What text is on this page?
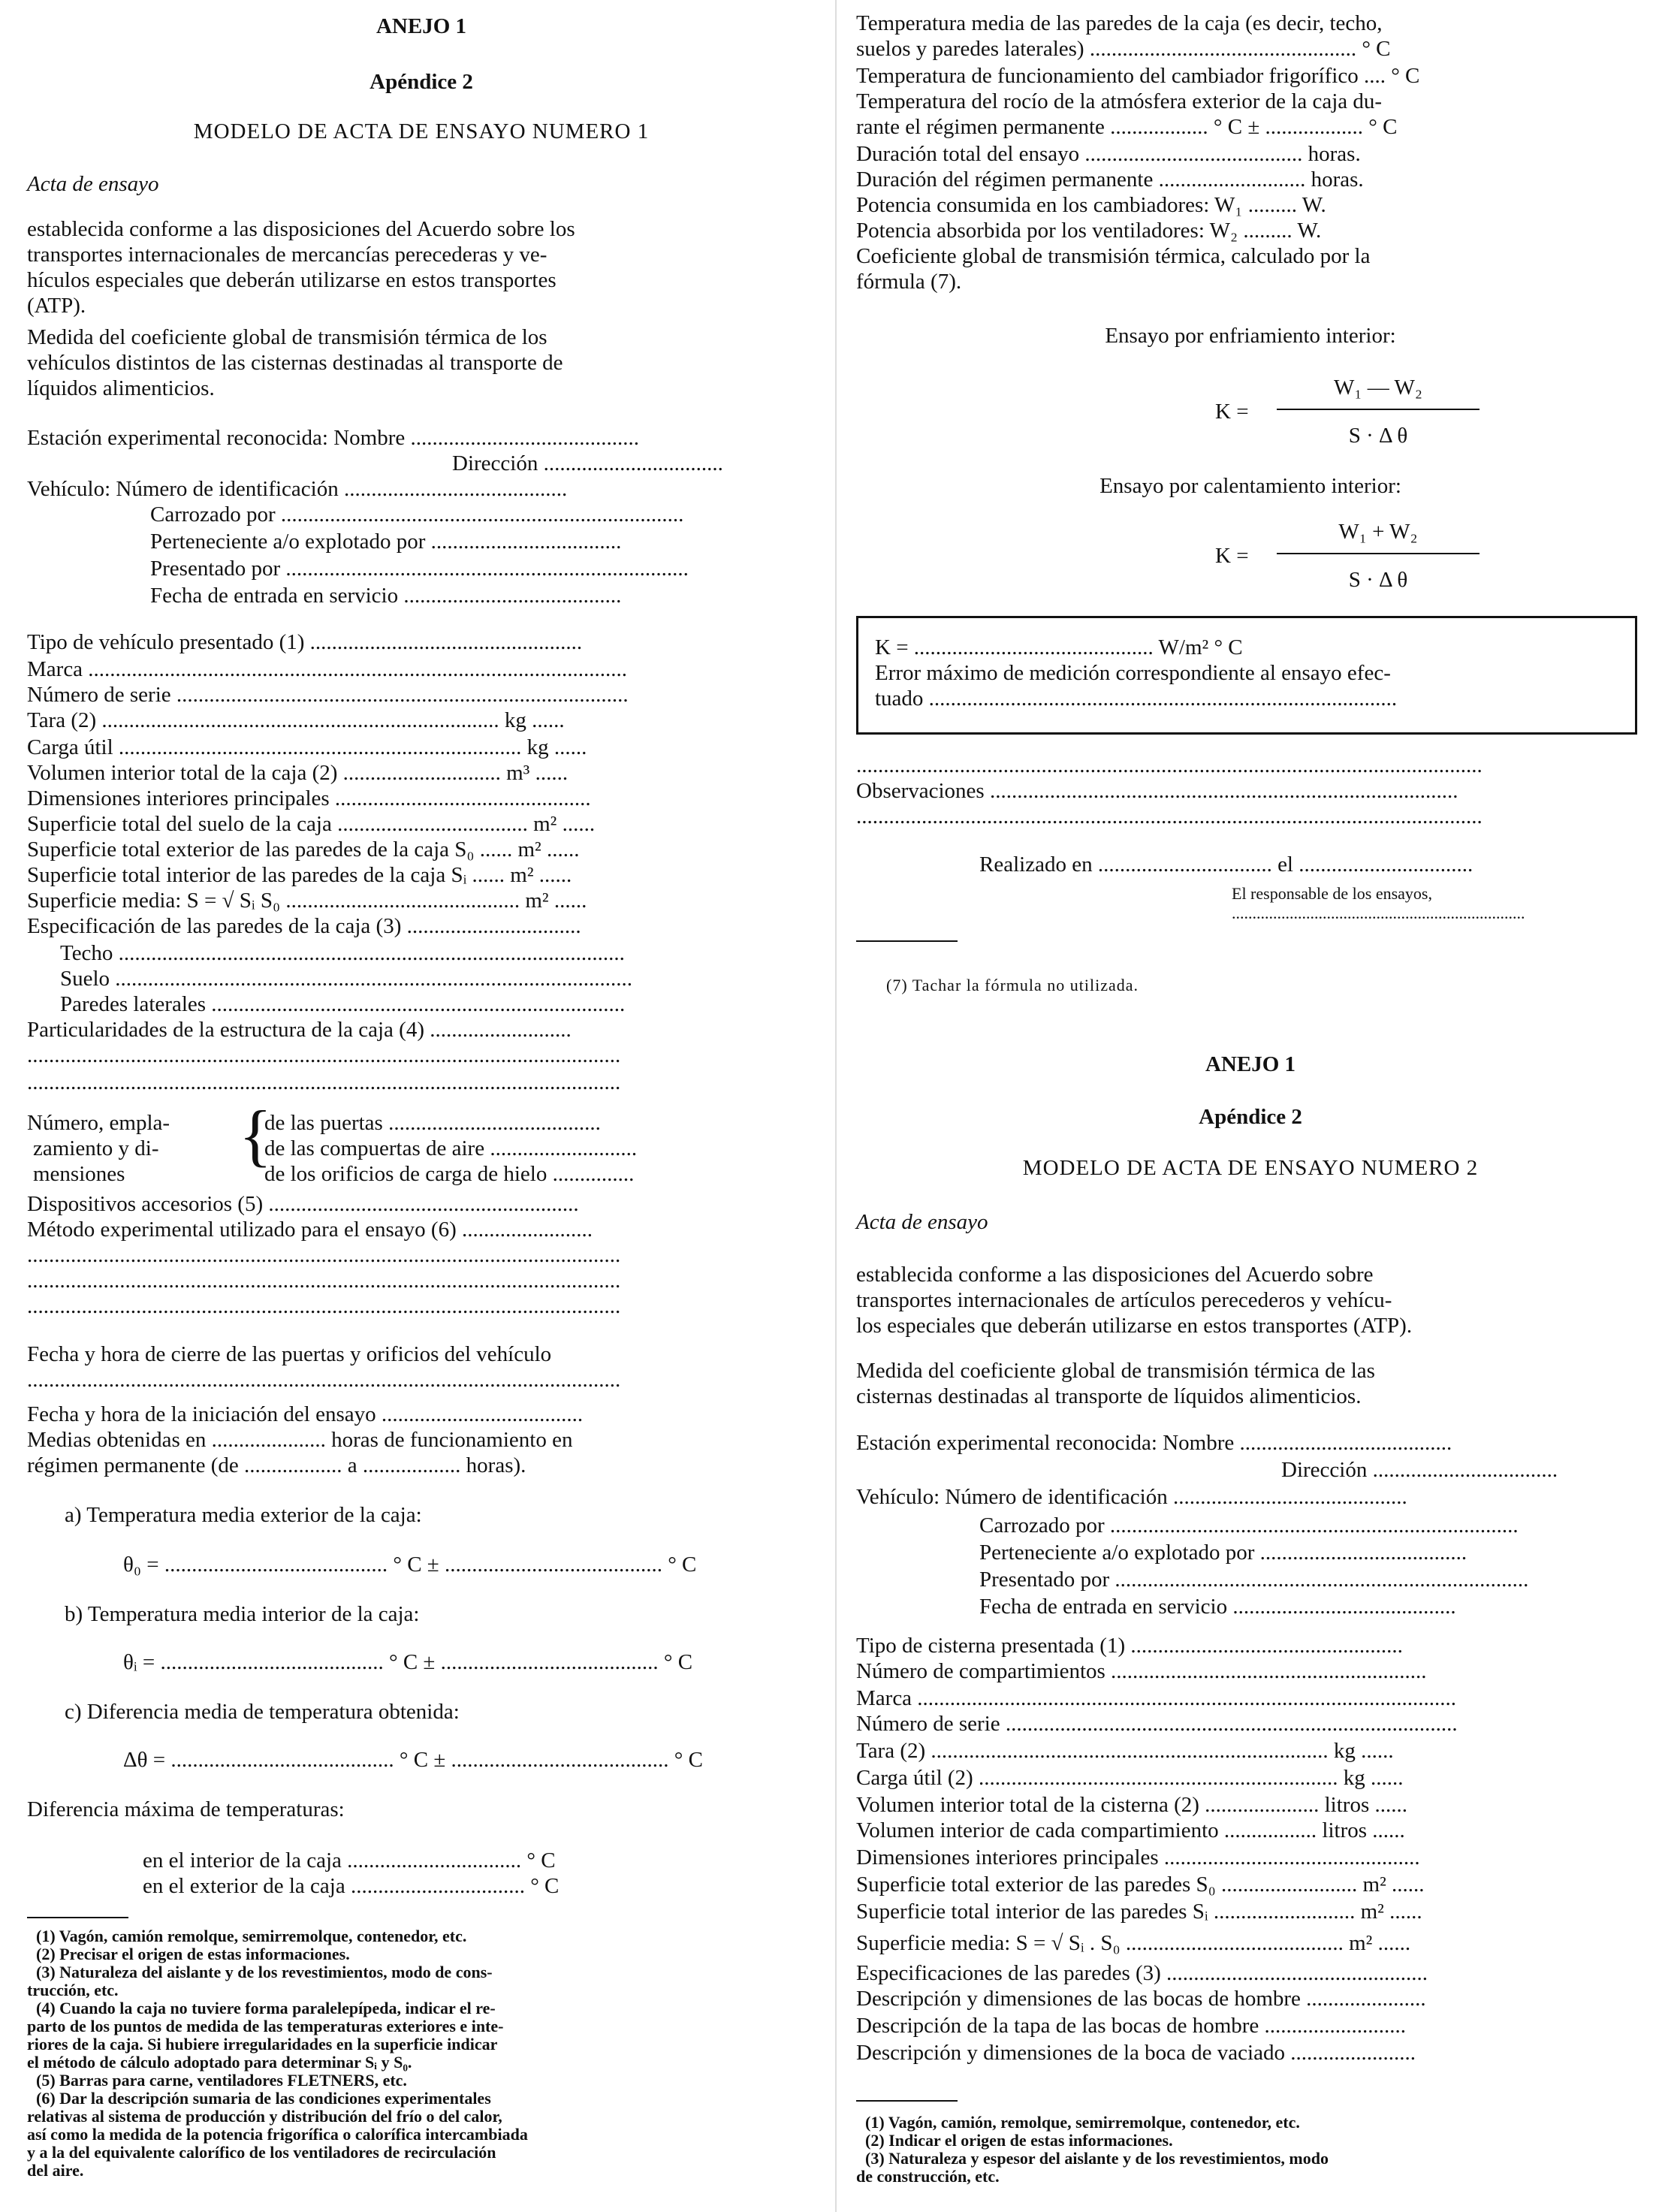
ANEJO 1
Apéndice 2
MODELO DE ACTA DE ENSAYO NUMERO 1
Acta de ensayo
establecida conforme a las disposiciones del Acuerdo sobre los
transportes internacionales de mercancías perecederas y ve-
hículos especiales que deberán utilizarse en estos transportes
(ATP).
Medida del coeficiente global de transmisión térmica de los
vehículos distintos de las cisternas destinadas al transporte de
líquidos alimenticios.
Estación experimental reconocida: Nombre ..........................................
Dirección .................................
Vehículo: Número de identificación .........................................
Carrozado por ..........................................................................
Perteneciente a/o explotado por ...................................
Presentado por ..........................................................................
Fecha de entrada en servicio ........................................
Tipo de vehículo presentado (1) ..................................................
Marca ...................................................................................................
Número de serie ...................................................................................
Tara (2) ......................................................................... kg ......
Carga útil .......................................................................... kg ......
Volumen interior total de la caja (2) ............................. m³ ......
Dimensiones interiores principales ...............................................
Superficie total del suelo de la caja ................................... m² ......
Superficie total exterior de las paredes de la caja S₀ ...... m² ......
Superficie total interior de las paredes de la caja Sᵢ ...... m² ......
Superficie media: S = √ Sᵢ S₀ ........................................... m² ......
Especificación de las paredes de la caja (3) ................................
Techo .............................................................................................
Suelo ...............................................................................................
Paredes laterales ............................................................................
Particularidades de la estructura de la caja (4) ..........................
.............................................................................................................
.............................................................................................................
Número, empla-
zamiento y di-
mensiones
{
de las puertas .......................................
de las compuertas de aire ...........................
de los orificios de carga de hielo ...............
Dispositivos accesorios (5) .........................................................
Método experimental utilizado para el ensayo (6) ........................
.............................................................................................................
.............................................................................................................
.............................................................................................................
Fecha y hora de cierre de las puertas y orificios del vehículo
.............................................................................................................
Fecha y hora de la iniciación del ensayo .....................................
Medias obtenidas en ..................... horas de funcionamiento en
régimen permanente (de .................. a .................. horas).
a) Temperatura media exterior de la caja:
θ₀ = ......................................... ° C ± ........................................ ° C
b) Temperatura media interior de la caja:
θᵢ = ......................................... ° C ± ........................................ ° C
c) Diferencia media de temperatura obtenida:
Δθ = ......................................... ° C ± ........................................ ° C
Diferencia máxima de temperaturas:
en el interior de la caja ................................ ° C
en el exterior de la caja ................................ ° C
(1) Vagón, camión remolque, semirremolque, contenedor, etc.
(2) Precisar el origen de estas informaciones.
(3) Naturaleza del aislante y de los revestimientos, modo de cons-
trucción, etc.
(4) Cuando la caja no tuviere forma paralelepípeda, indicar el re-
parto de los puntos de medida de las temperaturas exteriores e inte-
riores de la caja. Si hubiere irregularidades en la superficie indicar
el método de cálculo adoptado para determinar Sᵢ y S₀.
(5) Barras para carne, ventiladores FLETNERS, etc.
(6) Dar la descripción sumaria de las condiciones experimentales
relativas al sistema de producción y distribución del frío o del calor,
así como la medida de la potencia frigorífica o calorífica intercambiada
y a la del equivalente calorífico de los ventiladores de recirculación
del aire.
Temperatura media de las paredes de la caja (es decir, techo,
suelos y paredes laterales) ................................................. ° C
Temperatura de funcionamiento del cambiador frigorífico .... ° C
Temperatura del rocío de la atmósfera exterior de la caja du-
rante el régimen permanente .................. ° C ± .................. ° C
Duración total del ensayo ........................................ horas.
Duración del régimen permanente ........................... horas.
Potencia consumida en los cambiadores: W₁ ......... W.
Potencia absorbida por los ventiladores: W₂ ......... W.
Coeficiente global de transmisión térmica, calculado por la
fórmula (7).
Ensayo por enfriamiento interior:
K =
W₁ — W₂
S · Δ θ
Ensayo por calentamiento interior:
K =
W₁ + W₂
S · Δ θ
K = ............................................ W/m² ° C
Error máximo de medición correspondiente al ensayo efec-
tuado ......................................................................................
...................................................................................................................
Observaciones ......................................................................................
...................................................................................................................
Realizado en ................................ el ................................
El responsable de los ensayos,
.......................................................................
(7) Tachar la fórmula no utilizada.
ANEJO 1
Apéndice 2
MODELO DE ACTA DE ENSAYO NUMERO 2
Acta de ensayo
establecida conforme a las disposiciones del Acuerdo sobre
transportes internacionales de artículos perecederos y vehícu-
los especiales que deberán utilizarse en estos transportes (ATP).
Medida del coeficiente global de transmisión térmica de las
cisternas destinadas al transporte de líquidos alimenticios.
Estación experimental reconocida: Nombre .......................................
Dirección ..................................
Vehículo: Número de identificación ...........................................
Carrozado por ...........................................................................
Perteneciente a/o explotado por ......................................
Presentado por ............................................................................
Fecha de entrada en servicio .........................................
Tipo de cisterna presentada (1) ..................................................
Número de compartimientos ..........................................................
Marca ...................................................................................................
Número de serie ...................................................................................
Tara (2) ......................................................................... kg ......
Carga útil (2) .................................................................. kg ......
Volumen interior total de la cisterna (2) ..................... litros ......
Volumen interior de cada compartimiento ................. litros ......
Dimensiones interiores principales ...............................................
Superficie total exterior de las paredes S₀ ......................... m² ......
Superficie total interior de las paredes Sᵢ .......................... m² ......
Superficie media: S = √ Sᵢ . S₀ ........................................ m² ......
Especificaciones de las paredes (3) ................................................
Descripción y dimensiones de las bocas de hombre ......................
Descripción de la tapa de las bocas de hombre ..........................
Descripción y dimensiones de la boca de vaciado .......................
(1) Vagón, camión, remolque, semirremolque, contenedor, etc.
(2) Indicar el origen de estas informaciones.
(3) Naturaleza y espesor del aislante y de los revestimientos, modo
de construcción, etc.
